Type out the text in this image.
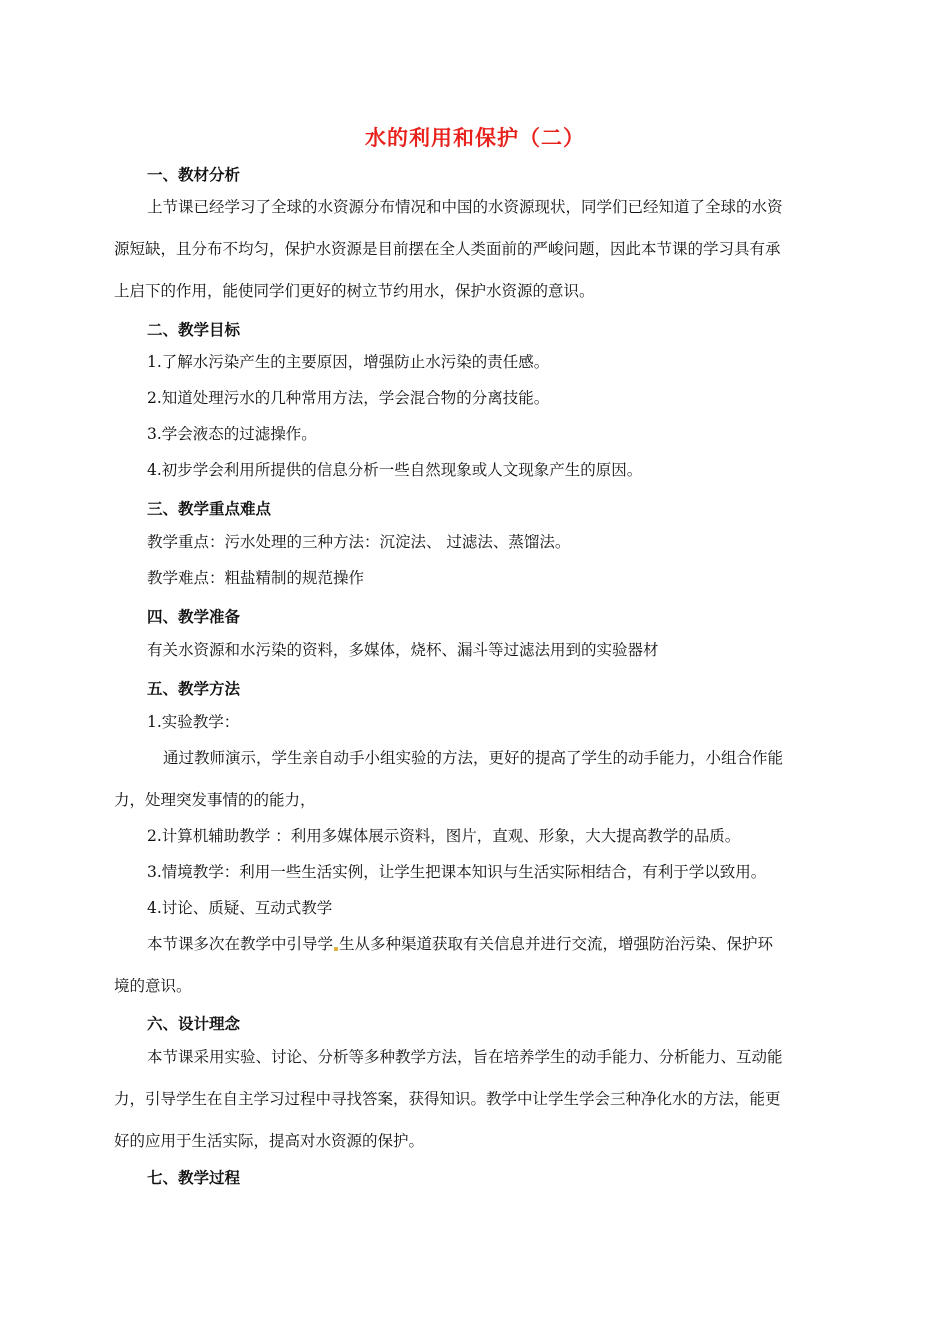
水的利用和保护（二）
一、教材分析
上节课已经学习了全球的水资源分布情况和中国的水资源现状，同学们已经知道了全球的水资
源短缺，且分布不均匀，保护水资源是目前摆在全人类面前的严峻问题，因此本节课的学习具有承
上启下的作用，能使同学们更好的树立节约用水，保护水资源的意识。
二、教学目标
1.了解水污染产生的主要原因，增强防止水污染的责任感。
2.知道处理污水的几种常用方法，学会混合物的分离技能。
3.学会液态的过滤操作。
4.初步学会利用所提供的信息分析一些自然现象或人文现象产生的原因。
三、教学重点难点
教学重点：污水处理的三种方法：沉淀法、 过滤法、蒸馏法。
教学难点：粗盐精制的规范操作
四、教学准备
有关水资源和水污染的资料，多媒体，烧杯、漏斗等过滤法用到的实验器材
五、教学方法
1.实验教学：
通过教师演示，学生亲自动手小组实验的方法，更好的提高了学生的动手能力，小组合作能
力，处理突发事情的的能力，
2.计算机辅助教学 ：利用多媒体展示资料，图片，直观、形象，大大提高教学的品质。
3.情境教学：利用一些生活实例，让学生把课本知识与生活实际相结合，有利于学以致用。
4.讨论、质疑、互动式教学
本节课多次在教学中引导学 生从多种渠道获取有关信息并进行交流，增强防治污染、保护环
境的意识。
六、设计理念
本节课采用实验、讨论、分析等多种教学方法，旨在培养学生的动手能力、分析能力、互动能
力，引导学生在自主学习过程中寻找答案，获得知识。教学中让学生学会三种净化水的方法，能更
好的应用于生活实际，提高对水资源的保护。
七、教学过程
